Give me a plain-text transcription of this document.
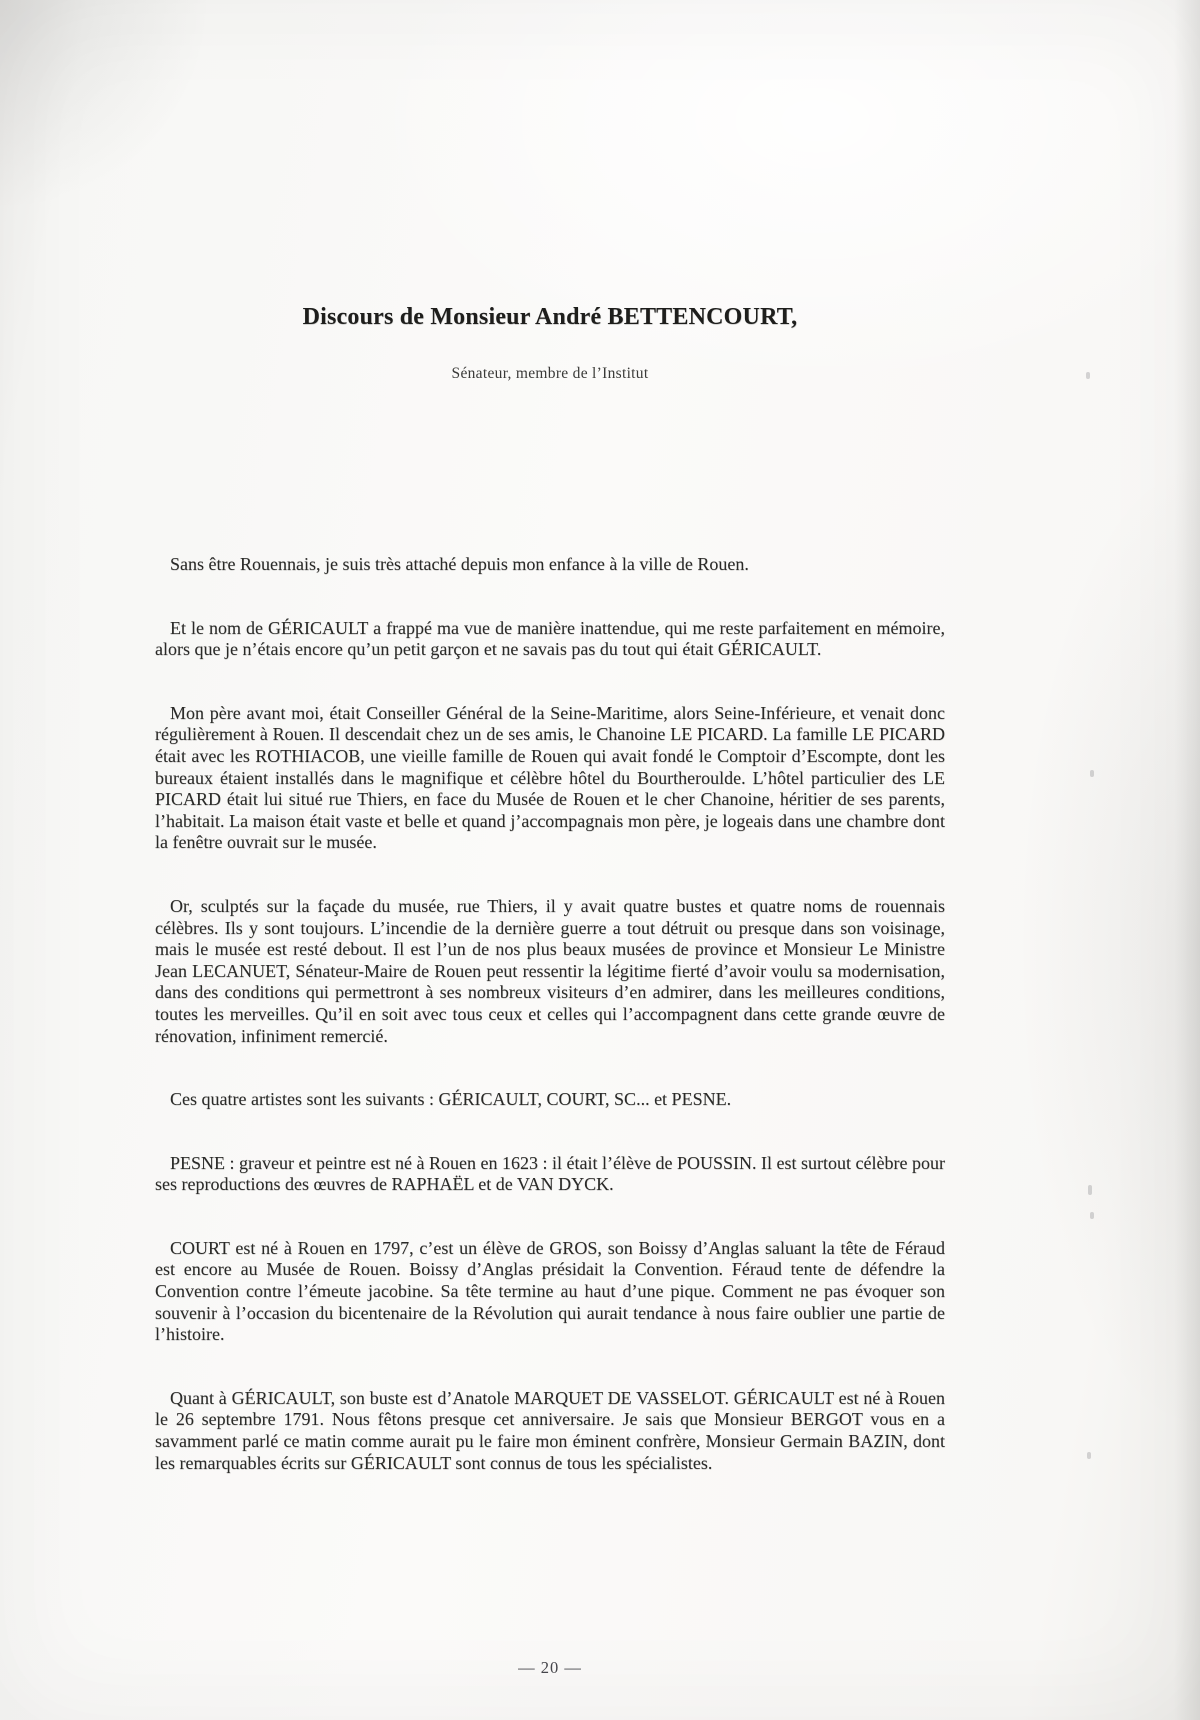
Discours de Monsieur André BETTENCOURT,
Sénateur, membre de l’Institut

Sans être Rouennais, je suis très attaché depuis mon enfance à la ville de Rouen.

Et le nom de GÉRICAULT a frappé ma vue de manière inattendue, qui me reste parfaitement en mémoire, alors que je n’étais encore qu’un petit garçon et ne savais pas du tout qui était GÉRICAULT.

Mon père avant moi, était Conseiller Général de la Seine-Maritime, alors Seine-Inférieure, et venait donc régulièrement à Rouen. Il descendait chez un de ses amis, le Chanoine LE PICARD. La famille LE PICARD était avec les ROTHIACOB, une vieille famille de Rouen qui avait fondé le Comptoir d’Escompte, dont les bureaux étaient installés dans le magnifique et célèbre hôtel du Bourtheroulde. L’hôtel particulier des LE PICARD était lui situé rue Thiers, en face du Musée de Rouen et le cher Chanoine, héritier de ses parents, l’habitait. La maison était vaste et belle et quand j’accompagnais mon père, je logeais dans une chambre dont la fenêtre ouvrait sur le musée.

Or, sculptés sur la façade du musée, rue Thiers, il y avait quatre bustes et quatre noms de rouennais célèbres. Ils y sont toujours. L’incendie de la dernière guerre a tout détruit ou presque dans son voisinage, mais le musée est resté debout. Il est l’un de nos plus beaux musées de province et Monsieur Le Ministre Jean LECANUET, Sénateur-Maire de Rouen peut ressentir la légitime fierté d’avoir voulu sa modernisation, dans des conditions qui permettront à ses nombreux visiteurs d’en admirer, dans les meilleures conditions, toutes les merveilles. Qu’il en soit avec tous ceux et celles qui l’accompagnent dans cette grande œuvre de rénovation, infiniment remercié.

Ces quatre artistes sont les suivants : GÉRICAULT, COURT, SC... et PESNE.

PESNE : graveur et peintre est né à Rouen en 1623 : il était l’élève de POUSSIN. Il est surtout célèbre pour ses reproductions des œuvres de RAPHAËL et de VAN DYCK.

COURT est né à Rouen en 1797, c’est un élève de GROS, son Boissy d’Anglas saluant la tête de Féraud est encore au Musée de Rouen. Boissy d’Anglas présidait la Convention. Féraud tente de défendre la Convention contre l’émeute jacobine. Sa tête termine au haut d’une pique. Comment ne pas évoquer son souvenir à l’occasion du bicentenaire de la Révolution qui aurait tendance à nous faire oublier une partie de l’histoire.

Quant à GÉRICAULT, son buste est d’Anatole MARQUET DE VASSELOT. GÉRICAULT est né à Rouen le 26 septembre 1791. Nous fêtons presque cet anniversaire. Je sais que Monsieur BERGOT vous en a savamment parlé ce matin comme aurait pu le faire mon éminent confrère, Monsieur Germain BAZIN, dont les remarquables écrits sur GÉRICAULT sont connus de tous les spécialistes.

— 20 —
